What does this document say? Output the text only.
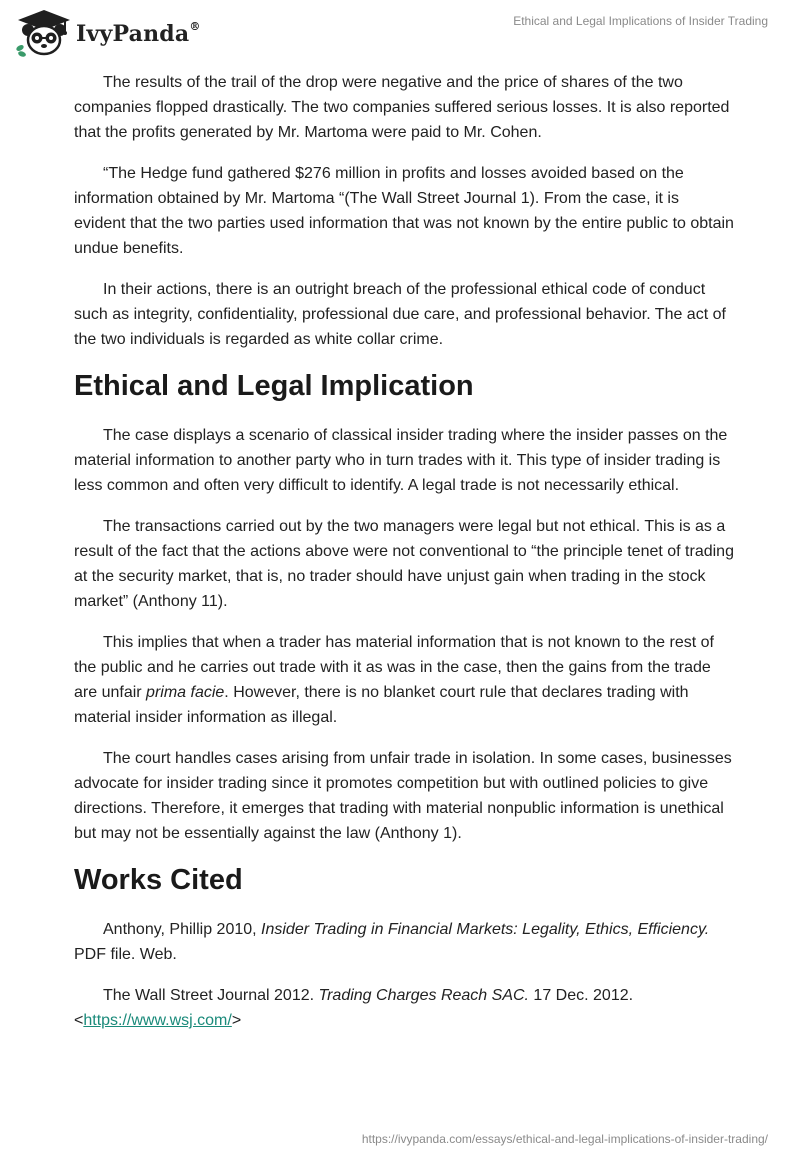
IvyPanda®	Ethical and Legal Implications of Insider Trading

The results of the trail of the drop were negative and the price of shares of the two companies flopped drastically. The two companies suffered serious losses. It is also reported that the profits generated by Mr. Martoma were paid to Mr. Cohen.

“The Hedge fund gathered $276 million in profits and losses avoided based on the information obtained by Mr. Martoma “(The Wall Street Journal 1). From the case, it is evident that the two parties used information that was not known by the entire public to obtain undue benefits.

In their actions, there is an outright breach of the professional ethical code of conduct such as integrity, confidentiality, professional due care, and professional behavior. The act of the two individuals is regarded as white collar crime.

Ethical and Legal Implication

The case displays a scenario of classical insider trading where the insider passes on the material information to another party who in turn trades with it. This type of insider trading is less common and often very difficult to identify. A legal trade is not necessarily ethical.

The transactions carried out by the two managers were legal but not ethical. This is as a result of the fact that the actions above were not conventional to “the principle tenet of trading at the security market, that is, no trader should have unjust gain when trading in the stock market” (Anthony 11).

This implies that when a trader has material information that is not known to the rest of the public and he carries out trade with it as was in the case, then the gains from the trade are unfair prima facie. However, there is no blanket court rule that declares trading with material insider information as illegal.

The court handles cases arising from unfair trade in isolation. In some cases, businesses advocate for insider trading since it promotes competition but with outlined policies to give directions. Therefore, it emerges that trading with material nonpublic information is unethical but may not be essentially against the law (Anthony 1).

Works Cited

Anthony, Phillip 2010, Insider Trading in Financial Markets: Legality, Ethics, Efficiency. PDF file. Web.

The Wall Street Journal 2012. Trading Charges Reach SAC. 17 Dec. 2012. <https://www.wsj.com/>

https://ivypanda.com/essays/ethical-and-legal-implications-of-insider-trading/
